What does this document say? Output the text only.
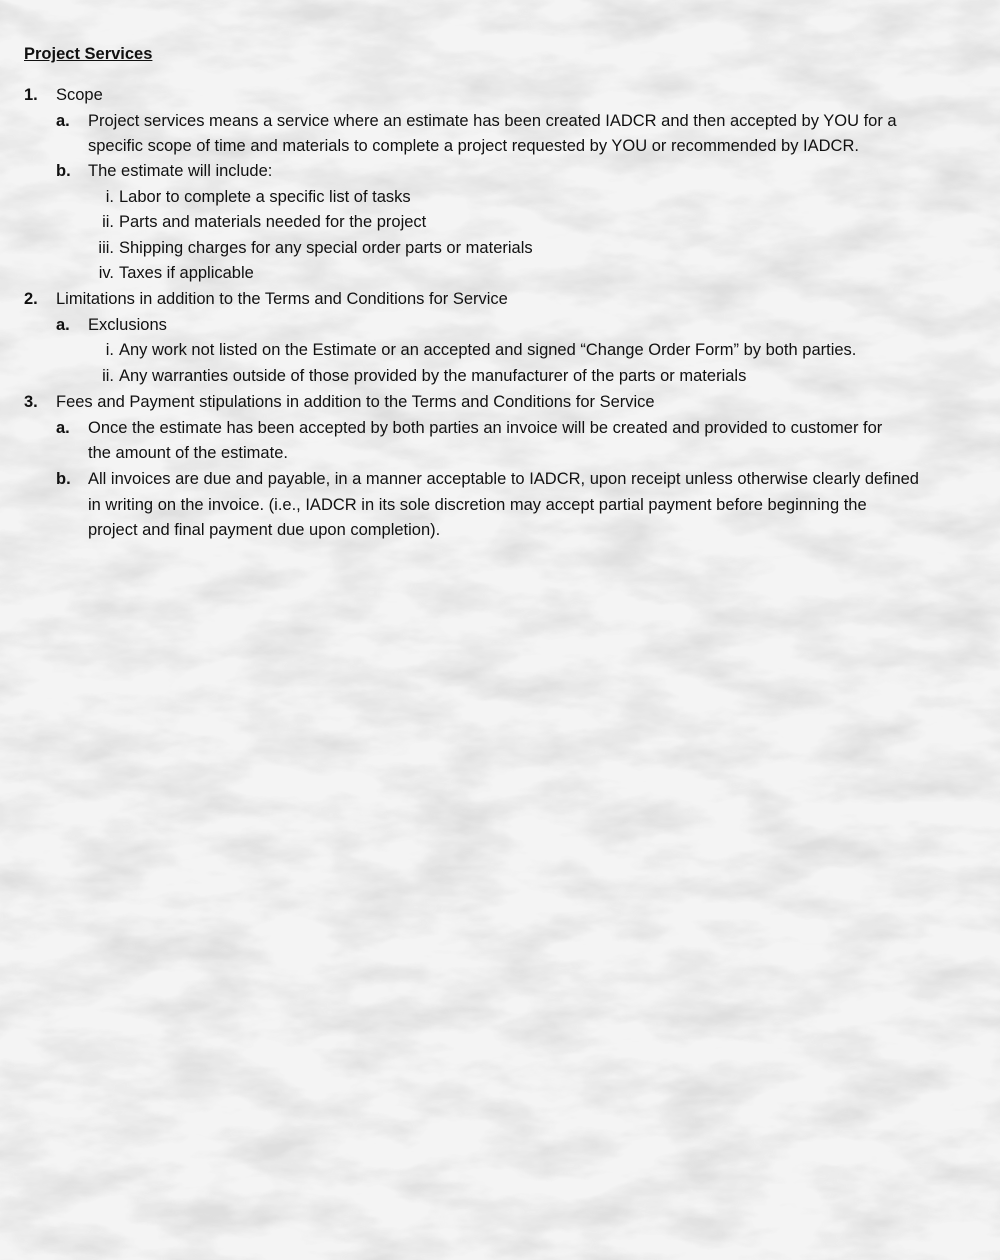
Project Services
1.	Scope
a.	Project services means a service where an estimate has been created IADCR and then accepted by YOU for a
specific scope of time and materials to complete a project requested by YOU or recommended by IADCR.
b.	The estimate will include:
i. Labor to complete a specific list of tasks
ii. Parts and materials needed for the project
iii. Shipping charges for any special order parts or materials
iv. Taxes if applicable
2.	Limitations in addition to the Terms and Conditions for Service
a.	Exclusions
i. Any work not listed on the Estimate or an accepted and signed “Change Order Form” by both parties.
ii. Any warranties outside of those provided by the manufacturer of the parts or materials
3.	Fees and Payment stipulations in addition to the Terms and Conditions for Service
a.	Once the estimate has been accepted by both parties an invoice will be created and provided to customer for
the amount of the estimate.
b.	All invoices are due and payable, in a manner acceptable to IADCR, upon receipt unless otherwise clearly defined
in writing on the invoice. (i.e., IADCR in its sole discretion may accept partial payment before beginning the
project and final payment due upon completion).
